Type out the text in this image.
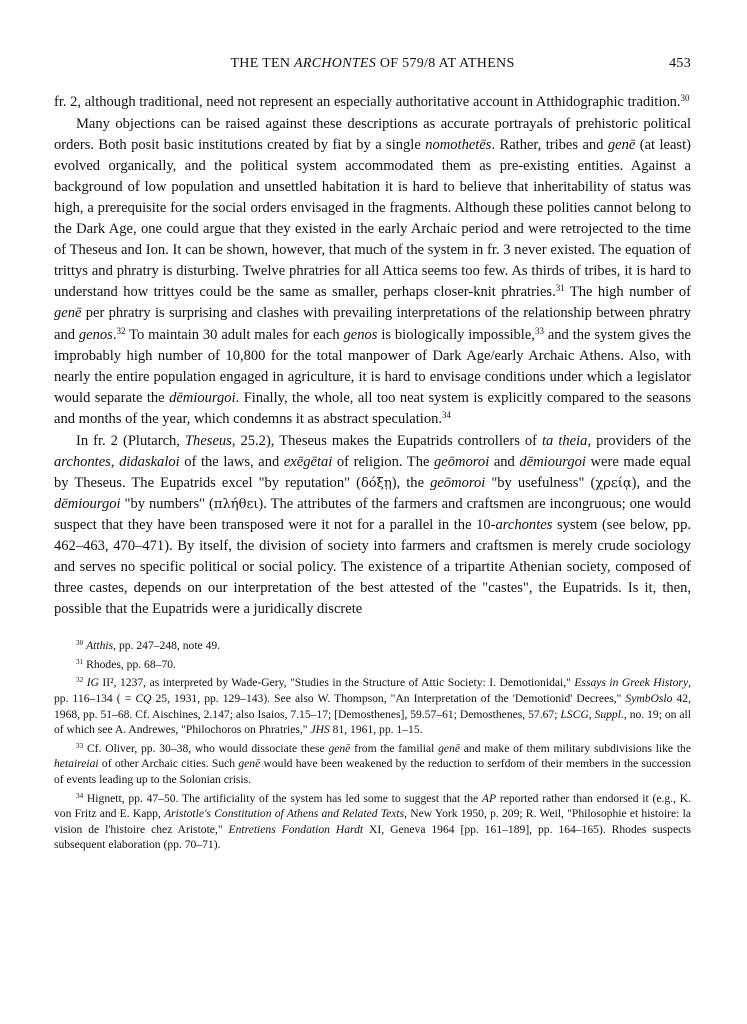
THE TEN ARCHONTES OF 579/8 AT ATHENS	453

fr. 2, although traditional, need not represent an especially authoritative account in Atthidographic tradition.$^{30}$

Many objections can be raised against these descriptions as accurate portrayals of prehistoric political orders. Both posit basic institutions created by fiat by a single nomothetēs. Rather, tribes and genē (at least) evolved organically, and the political system accommodated them as pre-existing entities. Against a background of low population and unsettled habitation it is hard to believe that inheritability of status was high, a prerequisite for the social orders envisaged in the fragments. Although these polities cannot belong to the Dark Age, one could argue that they existed in the early Archaic period and were retrojected to the time of Theseus and Ion. It can be shown, however, that much of the system in fr. 3 never existed. The equation of trittys and phratry is disturbing. Twelve phratries for all Attica seems too few. As thirds of tribes, it is hard to understand how trittyes could be the same as smaller, perhaps closer-knit phratries.$^{31}$ The high number of genē per phratry is surprising and clashes with prevailing interpretations of the relationship between phratry and genos.$^{32}$ To maintain 30 adult males for each genos is biologically impossible,$^{33}$ and the system gives the improbably high number of 10,800 for the total manpower of Dark Age/early Archaic Athens. Also, with nearly the entire population engaged in agriculture, it is hard to envisage conditions under which a legislator would separate the dēmiourgoi. Finally, the whole, all too neat system is explicitly compared to the seasons and months of the year, which condemns it as abstract speculation.$^{34}$

In fr. 2 (Plutarch, Theseus, 25.2), Theseus makes the Eupatrids controllers of ta theia, providers of the archontes, didaskaloi of the laws, and exēgētai of religion. The geōmoroi and dēmiourgoi were made equal by Theseus. The Eupatrids excel "by reputation" (δόξῃ), the geōmoroi "by usefulness" (χρείᾳ), and the dēmiourgoi "by numbers" (πλήθει). The attributes of the farmers and craftsmen are incongruous; one would suspect that they have been transposed were it not for a parallel in the 10-archontes system (see below, pp. 462–463, 470–471). By itself, the division of society into farmers and craftsmen is merely crude sociology and serves no specific political or social policy. The existence of a tripartite Athenian society, composed of three castes, depends on our interpretation of the best attested of the "castes", the Eupatrids. Is it, then, possible that the Eupatrids were a juridically discrete

$^{30}$ Atthis, pp. 247–248, note 49.

$^{31}$ Rhodes, pp. 68–70.

$^{32}$ IG II², 1237, as interpreted by Wade-Gery, "Studies in the Structure of Attic Society: I. Demotionidai," Essays in Greek History, pp. 116–134 ( = CQ 25, 1931, pp. 129–143). See also W. Thompson, "An Interpretation of the 'Demotionid' Decrees," SymbOslo 42, 1968, pp. 51–68. Cf. Aischines, 2.147; also Isaios, 7.15–17; [Demosthenes], 59.57–61; Demosthenes, 57.67; LSCG, Suppl., no. 19; on all of which see A. Andrewes, "Philochoros on Phratries," JHS 81, 1961, pp. 1–15.

$^{33}$ Cf. Oliver, pp. 30–38, who would dissociate these genē from the familial genē and make of them military subdivisions like the hetaireiai of other Archaic cities. Such genē would have been weakened by the reduction to serfdom of their members in the succession of events leading up to the Solonian crisis.

$^{34}$ Hignett, pp. 47–50. The artificiality of the system has led some to suggest that the AP reported rather than endorsed it (e.g., K. von Fritz and E. Kapp, Aristotle's Constitution of Athens and Related Texts, New York 1950, p. 209; R. Weil, "Philosophie et histoire: la vision de l'histoire chez Aristote," Entretiens Fondation Hardt XI, Geneva 1964 [pp. 161–189], pp. 164–165). Rhodes suspects subsequent elaboration (pp. 70–71).
